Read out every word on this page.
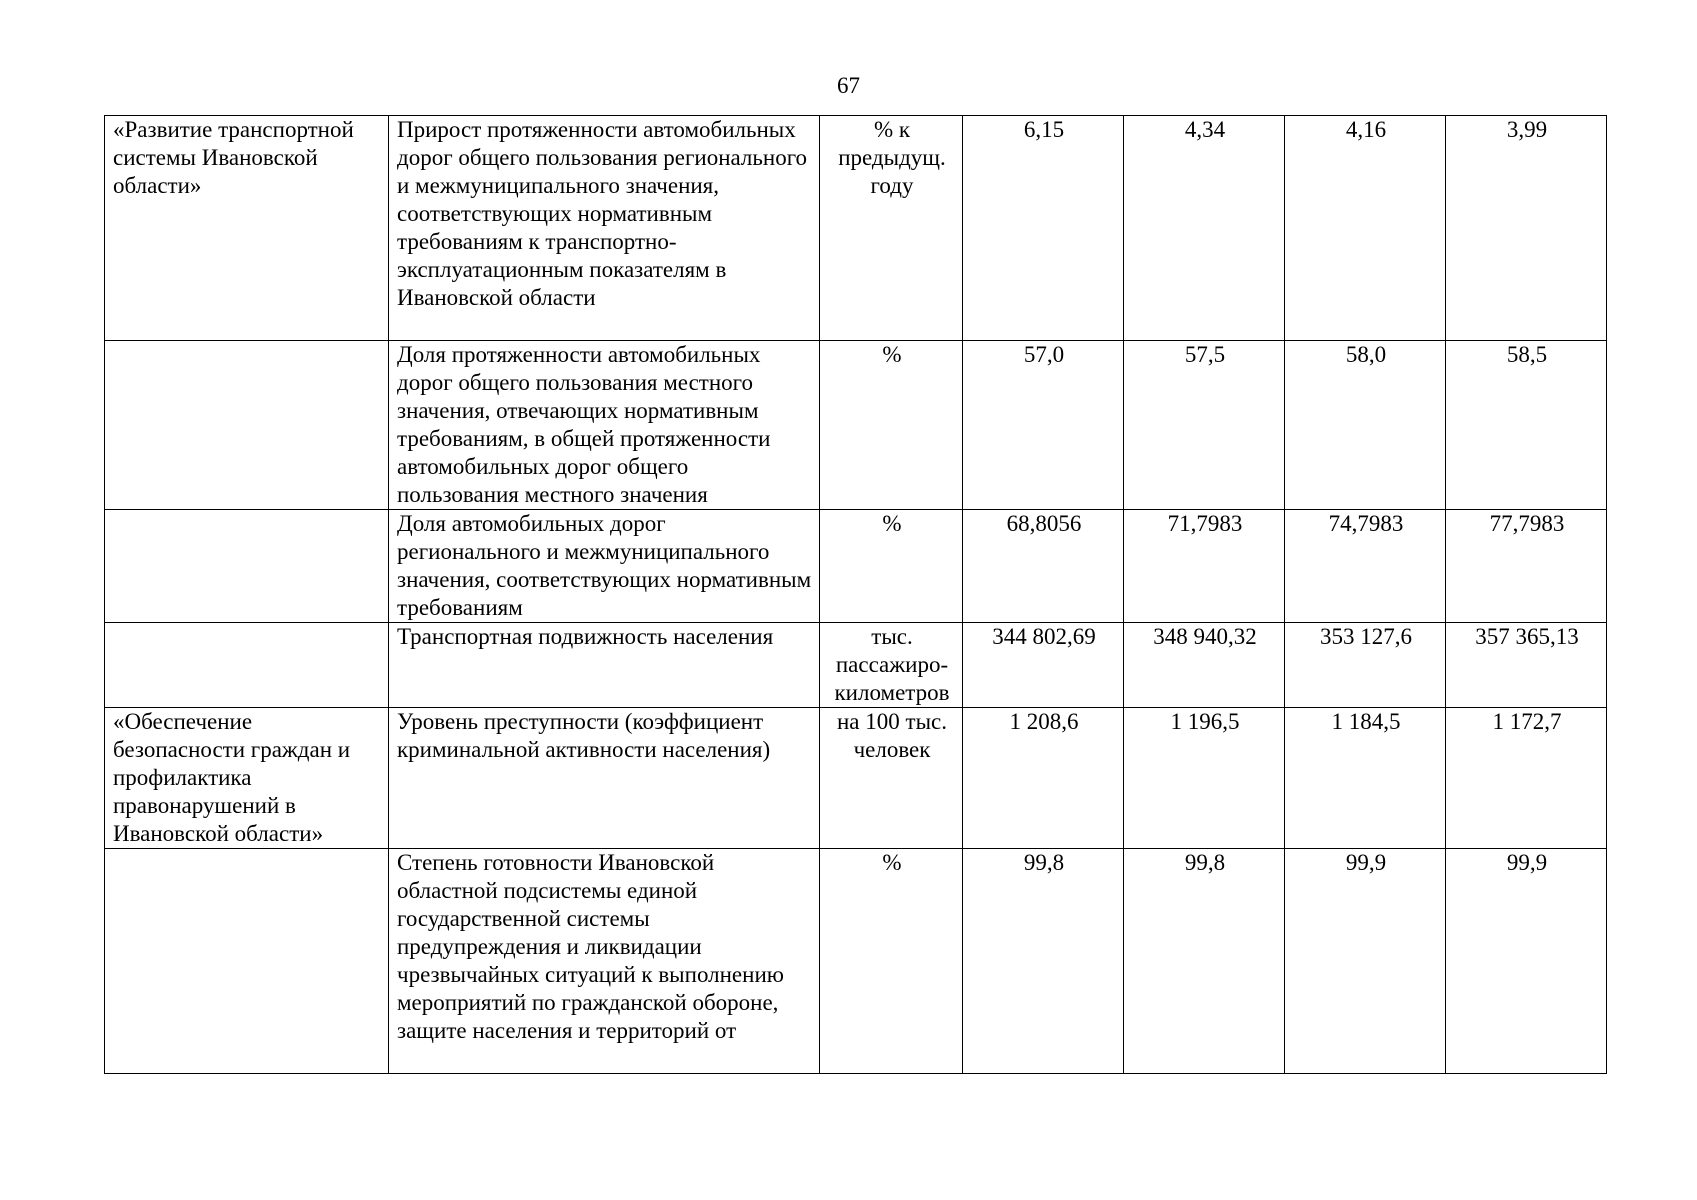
67
«Развитие транспортной системы Ивановской области»	Прирост протяженности автомобильных дорог общего пользования регионального и межмуниципального значения, соответствующих нормативным требованиям к транспортно-эксплуатационным показателям в Ивановской области	% к предыдущ. году	6,15	4,34	4,16	3,99
	Доля протяженности автомобильных дорог общего пользования местного значения, отвечающих нормативным требованиям, в общей протяженности автомобильных дорог общего пользования местного значения	%	57,0	57,5	58,0	58,5
	Доля автомобильных дорог регионального и межмуниципального значения, соответствующих нормативным требованиям	%	68,8056	71,7983	74,7983	77,7983
	Транспортная подвижность населения	тыс. пассажиро-километров	344 802,69	348 940,32	353 127,6	357 365,13
«Обеспечение безопасности граждан и профилактика правонарушений в Ивановской области»	Уровень преступности (коэффициент криминальной активности населения)	на 100 тыс. человек	1 208,6	1 196,5	1 184,5	1 172,7
	Степень готовности Ивановской областной подсистемы единой государственной системы предупреждения и ликвидации чрезвычайных ситуаций к выполнению мероприятий по гражданской обороне, защите населения и территорий от	%	99,8	99,8	99,9	99,9
